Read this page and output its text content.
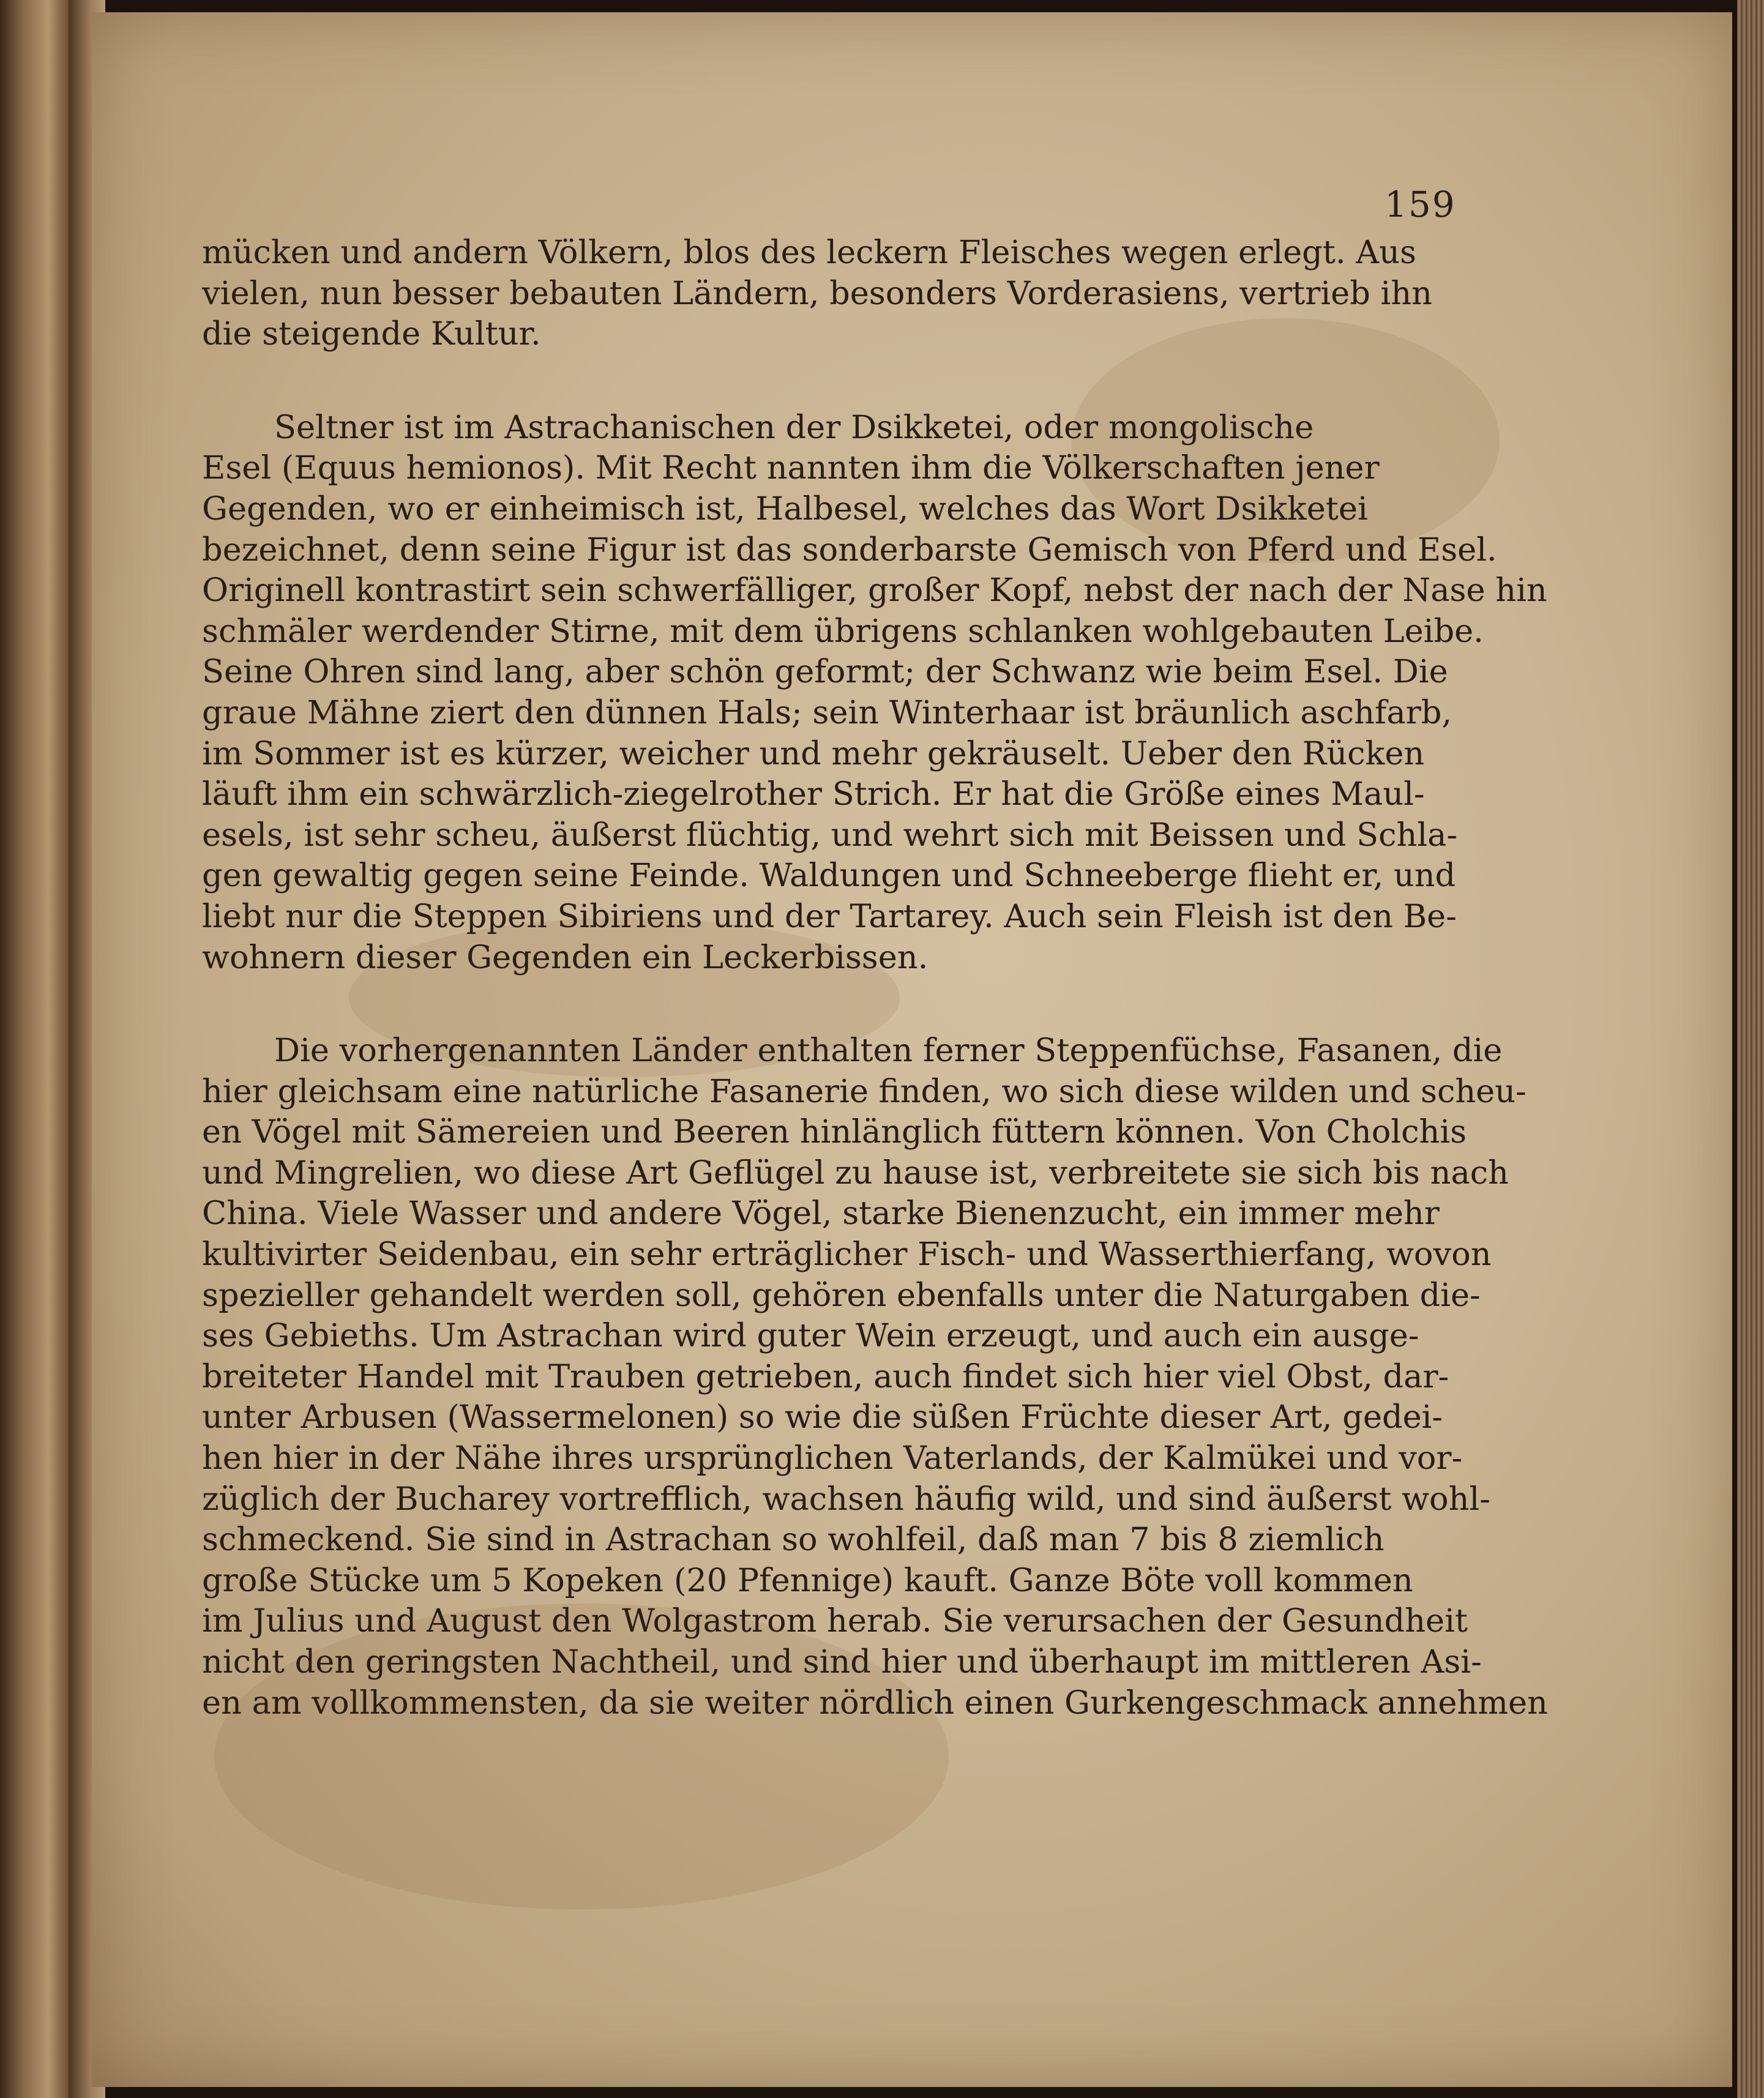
159
mücken und andern Völkern, blos des leckern Fleisches wegen erlegt. Aus
vielen, nun besser bebauten Ländern, besonders Vorderasiens, vertrieb ihn
die steigende Kultur.
Seltner ist im Astrachanischen der Dsikketei, oder mongolische
Esel (Equus hemionos). Mit Recht nannten ihm die Völkerschaften jener
Gegenden, wo er einheimisch ist, Halbesel, welches das Wort Dsikketei
bezeichnet, denn seine Figur ist das sonderbarste Gemisch von Pferd und Esel.
Originell kontrastirt sein schwerfälliger, großer Kopf, nebst der nach der Nase hin
schmäler werdender Stirne, mit dem übrigens schlanken wohlgebauten Leibe.
Seine Ohren sind lang, aber schön geformt; der Schwanz wie beim Esel. Die
graue Mähne ziert den dünnen Hals; sein Winterhaar ist bräunlich aschfarb,
im Sommer ist es kürzer, weicher und mehr gekräuselt. Ueber den Rücken
läuft ihm ein schwärzlich-ziegelrother Strich. Er hat die Größe eines Maul-
esels, ist sehr scheu, äußerst flüchtig, und wehrt sich mit Beissen und Schla-
gen gewaltig gegen seine Feinde. Waldungen und Schneeberge flieht er, und
liebt nur die Steppen Sibiriens und der Tartarey. Auch sein Fleish ist den Be-
wohnern dieser Gegenden ein Leckerbissen.
Die vorhergenannten Länder enthalten ferner Steppenfüchse, Fasanen, die
hier gleichsam eine natürliche Fasanerie finden, wo sich diese wilden und scheu-
en Vögel mit Sämereien und Beeren hinlänglich füttern können. Von Cholchis
und Mingrelien, wo diese Art Geflügel zu hause ist, verbreitete sie sich bis nach
China. Viele Wasser und andere Vögel, starke Bienenzucht, ein immer mehr
kultivirter Seidenbau, ein sehr erträglicher Fisch- und Wasserthierfang, wovon
spezieller gehandelt werden soll, gehören ebenfalls unter die Naturgaben die-
ses Gebieths. Um Astrachan wird guter Wein erzeugt, und auch ein ausge-
breiteter Handel mit Trauben getrieben, auch findet sich hier viel Obst, dar-
unter Arbusen (Wassermelonen) so wie die süßen Früchte dieser Art, gedei-
hen hier in der Nähe ihres ursprünglichen Vaterlands, der Kalmükei und vor-
züglich der Bucharey vortrefflich, wachsen häufig wild, und sind äußerst wohl-
schmeckend. Sie sind in Astrachan so wohlfeil, daß man 7 bis 8 ziemlich
große Stücke um 5 Kopeken (20 Pfennige) kauft. Ganze Böte voll kommen
im Julius und August den Wolgastrom herab. Sie verursachen der Gesundheit
nicht den geringsten Nachtheil, und sind hier und überhaupt im mittleren Asi-
en am vollkommensten, da sie weiter nördlich einen Gurkengeschmack annehmen
